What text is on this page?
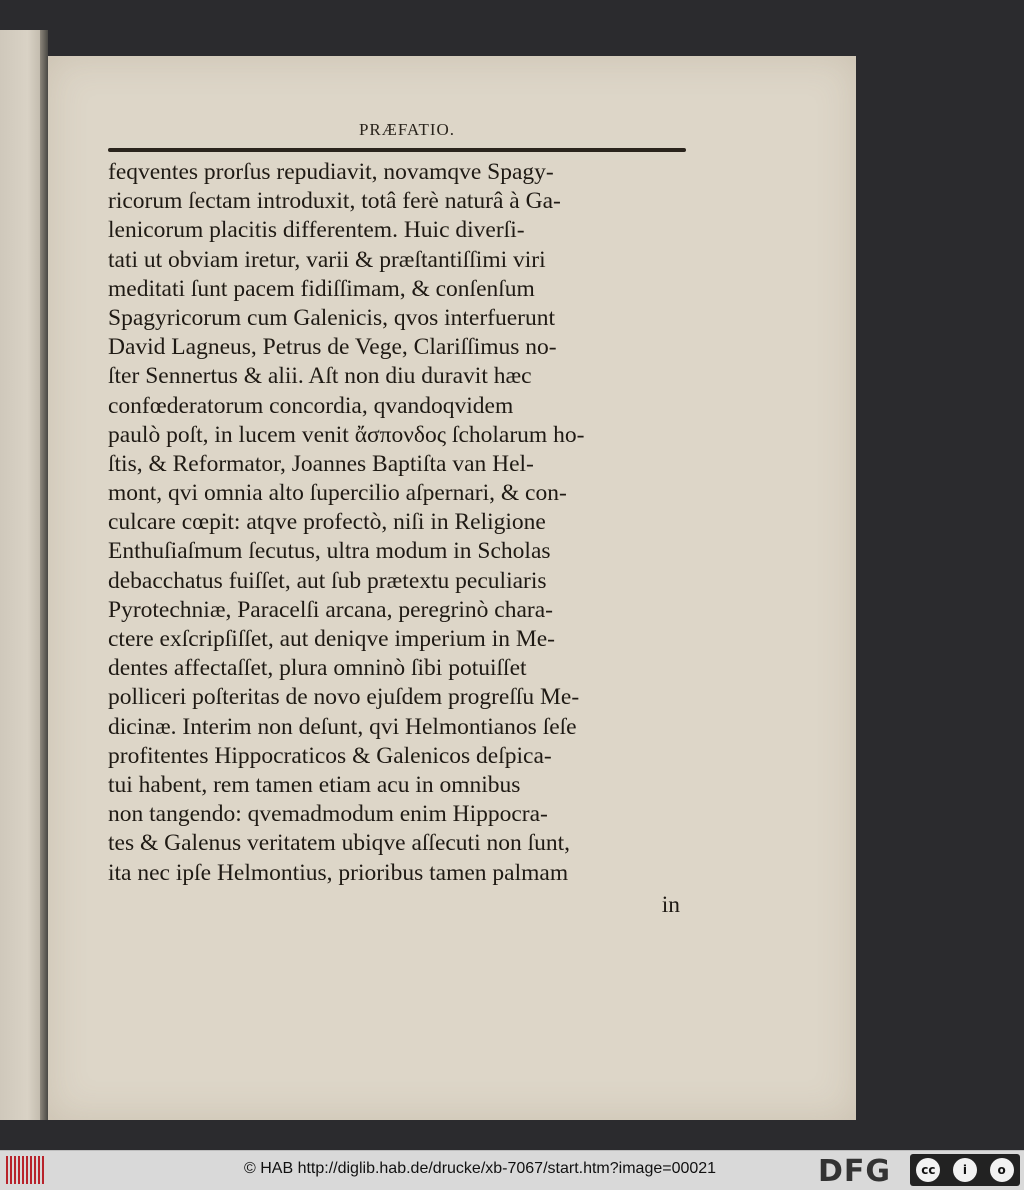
PRÆFATIO.
feqventes prorſus repudiavit, novamqve Spagy-
ricorum ſectam introduxit, totâ ferè naturâ à Ga-
lenicorum placitis differentem. Huic diverſi-
tati ut obviam iretur, varii & præſtantiſſimi viri
meditati ſunt pacem fidiſſimam, & conſenſum
Spagyricorum cum Galenicis, qvos interfuerunt
David Lagneus, Petrus de Vege, Clariſſimus no-
ſter Sennertus & alii. Aſt non diu duravit hæc
confœderatorum concordia, qvandoqvidem
paulò poſt, in lucem venit ἄσπονδος ſcholarum ho-
ſtis, & Reformator, Joannes Baptiſta van Hel-
mont, qvi omnia alto ſupercilio aſpernari, & con-
culcare cœpit: atqve profectò, niſi in Religione
Enthuſiaſmum ſecutus, ultra modum in Scholas
debacchatus fuiſſet, aut ſub prætextu peculiaris
Pyrotechniæ, Paracelſi arcana, peregrinò chara-
ctere exſcripſiſſet, aut deniqve imperium in Me-
dentes affectaſſet, plura omninò ſibi potuiſſet
polliceri poſteritas de novo ejuſdem progreſſu Me-
dicinæ. Interim non deſunt, qvi Helmontianos ſeſe
profitentes Hippocraticos & Galenicos deſpica-
tui habent, rem tamen etiam acu in omnibus
non tangendo: qvemadmodum enim Hippocra-
tes & Galenus veritatem ubiqve aſſecuti non ſunt,
ita nec ipſe Helmontius, prioribus tamen palmam
in
© HAB http://diglib.hab.de/drucke/xb-7067/start.htm?image=00021	DFG	cc	i	o
